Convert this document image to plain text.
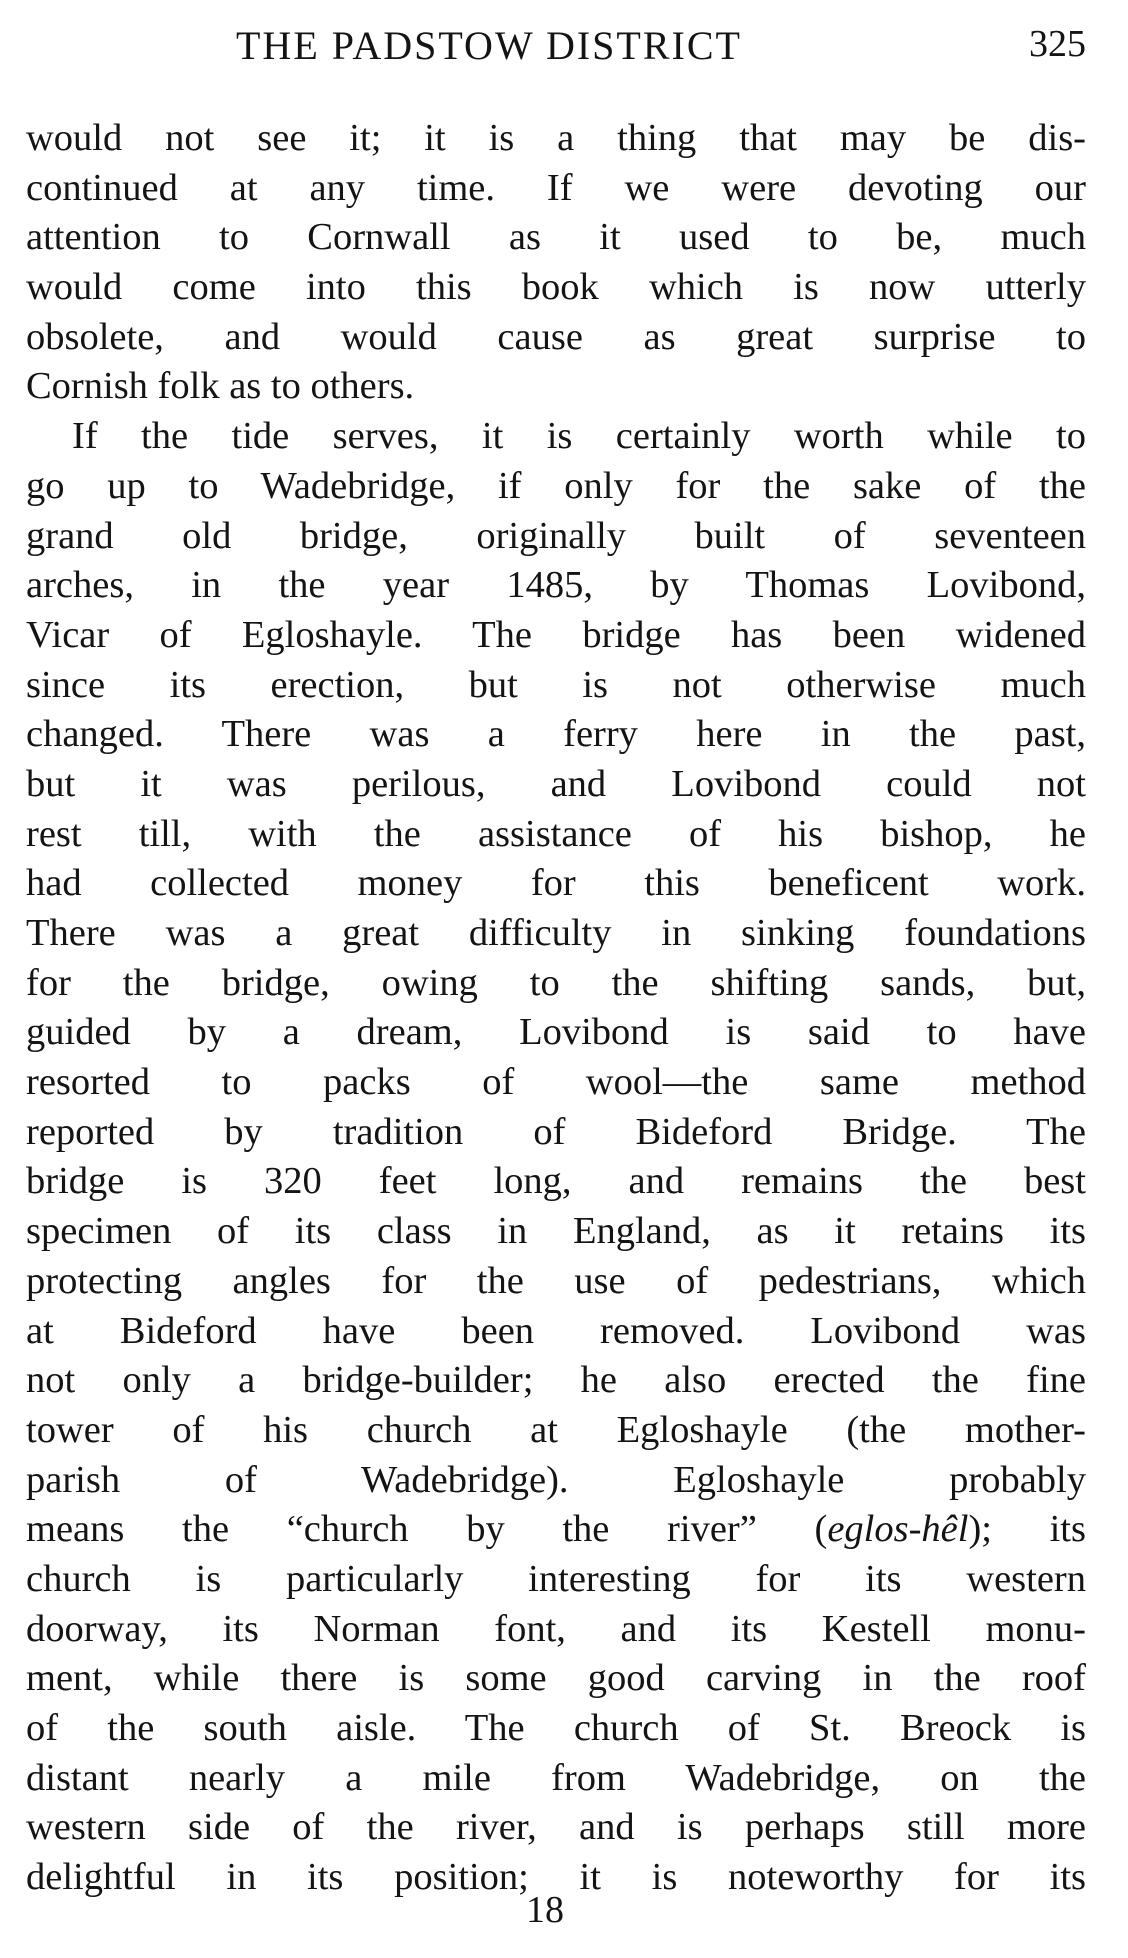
THE PADSTOW DISTRICT	325
would not see it; it is a thing that may be dis-
continued at any time. If we were devoting our
attention to Cornwall as it used to be, much
would come into this book which is now utterly
obsolete, and would cause as great surprise to
Cornish folk as to others.
If the tide serves, it is certainly worth while to
go up to Wadebridge, if only for the sake of the
grand old bridge, originally built of seventeen
arches, in the year 1485, by Thomas Lovibond,
Vicar of Egloshayle. The bridge has been widened
since its erection, but is not otherwise much
changed. There was a ferry here in the past,
but it was perilous, and Lovibond could not
rest till, with the assistance of his bishop, he
had collected money for this beneficent work.
There was a great difficulty in sinking foundations
for the bridge, owing to the shifting sands, but,
guided by a dream, Lovibond is said to have
resorted to packs of wool—the same method
reported by tradition of Bideford Bridge. The
bridge is 320 feet long, and remains the best
specimen of its class in England, as it retains its
protecting angles for the use of pedestrians, which
at Bideford have been removed. Lovibond was
not only a bridge-builder; he also erected the fine
tower of his church at Egloshayle (the mother-
parish of Wadebridge). Egloshayle probably
means the “church by the river” (eglos-hêl); its
church is particularly interesting for its western
doorway, its Norman font, and its Kestell monu-
ment, while there is some good carving in the roof
of the south aisle. The church of St. Breock is
distant nearly a mile from Wadebridge, on the
western side of the river, and is perhaps still more
delightful in its position; it is noteworthy for its
18
